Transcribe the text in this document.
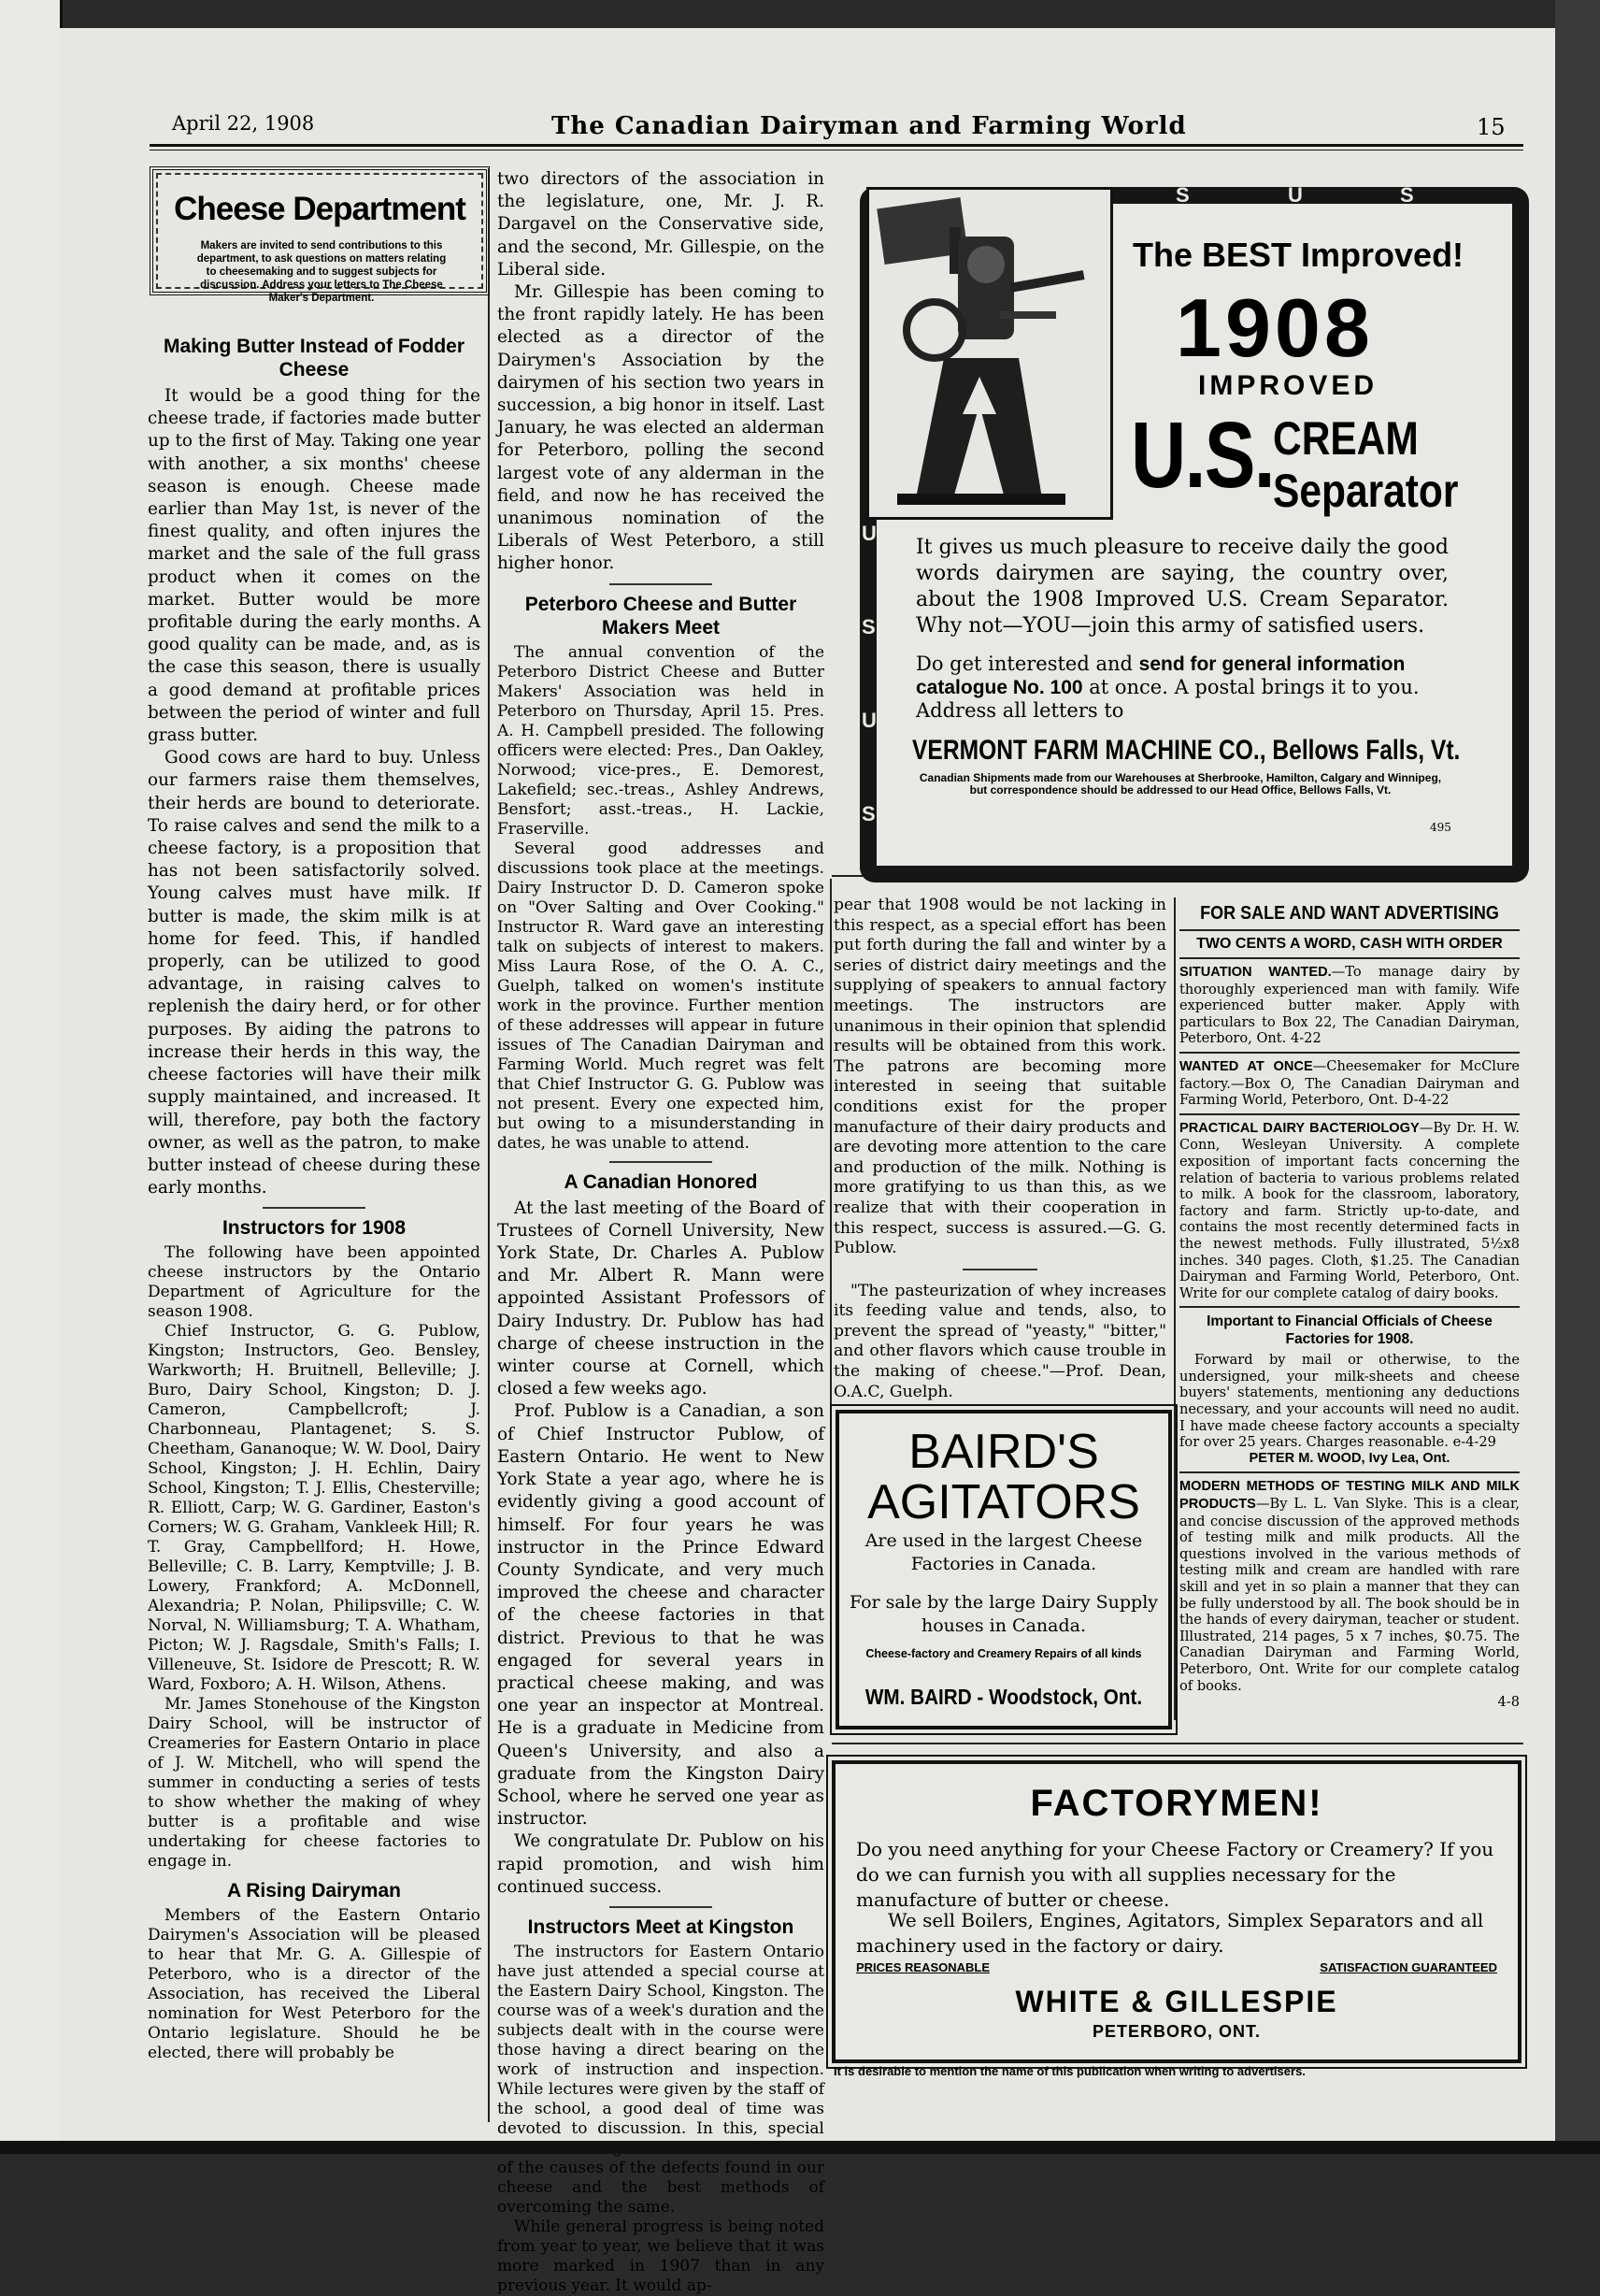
April 22, 1908	The Canadian Dairyman and Farming World	15
Cheese Department
Makers are invited to send contributions to this department, to ask questions on matters relating to cheesemaking and to suggest subjects for discussion. Address your letters to The Cheese Maker's Department.
Making Butter Instead of Fodder Cheese

It would be a good thing for the cheese trade, if factories made butter up to the first of May. Taking one year with another, a six months' cheese season is enough. Cheese made earlier than May 1st, is never of the finest quality, and often injures the market and the sale of the full grass product when it comes on the market. Butter would be more profitable during the early months. A good quality can be made, and, as is the case this season, there is usually a good demand at profitable prices between the period of winter and full grass butter.

Good cows are hard to buy. Unless our farmers raise them themselves, their herds are bound to deteriorate. To raise calves and send the milk to a cheese factory, is a proposition that has not been satisfactorily solved. Young calves must have milk. If butter is made, the skim milk is at home for feed. This, if handled properly, can be utilized to good advantage, in raising calves to replenish the dairy herd, or for other purposes. By aiding the patrons to increase their herds in this way, the cheese factories will have their milk supply maintained, and increased. It will, therefore, pay both the factory owner, as well as the patron, to make butter instead of cheese during these early months.

Instructors for 1908

The following have been appointed cheese instructors by the Ontario Department of Agriculture for the season 1908.

Chief Instructor, G. G. Publow, Kingston; Instructors, Geo. Bensley, Warkworth; H. Bruitnell, Belleville; J. Buro, Dairy School, Kingston; D. J. Cameron, Campbellcroft; J. Charbonneau, Plantagenet; S. S. Cheetham, Gananoque; W. W. Dool, Dairy School, Kingston; J. H. Echlin, Dairy School, Kingston; T. J. Ellis, Chesterville; R. Elliott, Carp; W. G. Gardiner, Easton's Corners; W. G. Graham, Vankleek Hill; R. T. Gray, Campbellford; H. Howe, Belleville; C. B. Larry, Kemptville; J. B. Lowery, Frankford; A. McDonnell, Alexandria; P. Nolan, Philipsville; C. W. Norval, N. Williamsburg; T. A. Whatham, Picton; W. J. Ragsdale, Smith's Falls; I. Villeneuve, St. Isidore de Prescott; R. W. Ward, Foxboro; A. H. Wilson, Athens.

Mr. James Stonehouse of the Kingston Dairy School, will be instructor of Creameries for Eastern Ontario in place of J. W. Mitchell, who will spend the summer in conducting a series of tests to show whether the making of whey butter is a profitable and wise undertaking for cheese factories to engage in.

A Rising Dairyman

Members of the Eastern Ontario Dairymen's Association will be pleased to hear that Mr. G. A. Gillespie of Peterboro, who is a director of the Association, has received the Liberal nomination for West Peterboro for the Ontario legislature. Should he be elected, there will probably be

two directors of the association in the legislature, one, Mr. J. R. Dargavel on the Conservative side, and the second, Mr. Gillespie, on the Liberal side.

Mr. Gillespie has been coming to the front rapidly lately. He has been elected as a director of the Dairymen's Association by the dairymen of his section two years in succession, a big honor in itself. Last January, he was elected an alderman for Peterboro, polling the second largest vote of any alderman in the field, and now he has received the unanimous nomination of the Liberals of West Peterboro, a still higher honor.

Peterboro Cheese and Butter Makers Meet

The annual convention of the Peterboro District Cheese and Butter Makers' Association was held in Peterboro on Thursday, April 15. Pres. A. H. Campbell presided. The following officers were elected: Pres., Dan Oakley, Norwood; vice-pres., E. Demorest, Lakefield; sec.-treas., Ashley Andrews, Bensfort; asst.-treas., H. Lackie, Fraserville.

Several good addresses and discussions took place at the meetings. Dairy Instructor D. D. Cameron spoke on "Over Salting and Over Cooking." Instructor R. Ward gave an interesting talk on subjects of interest to makers. Miss Laura Rose, of the O. A. C., Guelph, talked on women's institute work in the province. Further mention of these addresses will appear in future issues of The Canadian Dairyman and Farming World. Much regret was felt that Chief Instructor G. G. Publow was not present. Every one expected him, but owing to a misunderstanding in dates, he was unable to attend.

A Canadian Honored

At the last meeting of the Board of Trustees of Cornell University, New York State, Dr. Charles A. Publow and Mr. Albert R. Mann were appointed Assistant Professors of Dairy Industry. Dr. Publow has had charge of cheese instruction in the winter course at Cornell, which closed a few weeks ago.

Prof. Publow is a Canadian, a son of Chief Instructor Publow, of Eastern Ontario. He went to New York State a year ago, where he is evidently giving a good account of himself. For four years he was instructor in the Prince Edward County Syndicate, and very much improved the cheese and character of the cheese factories in that district. Previous to that he was engaged for several years in practical cheese making, and was one year an inspector at Montreal. He is a graduate in Medicine from Queen's University, and also a graduate from the Kingston Dairy School, where he served one year as instructor.

We congratulate Dr. Publow on his rapid promotion, and wish him continued success.

Instructors Meet at Kingston

The instructors for Eastern Ontario have just attended a special course at the Eastern Dairy School, Kingston. The course was of a week's duration and the subjects dealt with in the course were those having a direct bearing on the work of instruction and inspection. While lectures were given by the staff of the school, a good deal of time was devoted to discussion. In this, special of the causes of the defects found in our cheese and the best methods of overcoming the same.

While general progress is being noted from year to year, we believe that it was more marked in 1907 than in any previous year. It would ap-

S	U	S
U
S
U
S
U
S
U
S	U	S	U
S
U
S
U
The BEST Improved!
1908
IMPROVED
U.S. CREAM
Separator
It gives us much pleasure to receive daily the good words dairymen are saying, the country over, about the 1908 Improved U.S. Cream Separator. Why not—YOU—join this army of satisfied users.
Do get interested and send for general information catalogue No. 100 at once. A postal brings it to you. Address all letters to
VERMONT FARM MACHINE CO., Bellows Falls, Vt.
Canadian Shipments made from our Warehouses at Sherbrooke, Hamilton, Calgary and Winnipeg, but correspondence should be addressed to our Head Office, Bellows Falls, Vt.
495

pear that 1908 would be not lacking in this respect, as a special effort has been put forth during the fall and winter by a series of district dairy meetings and the supplying of speakers to annual factory meetings. The instructors are unanimous in their opinion that splendid results will be obtained from this work. The patrons are becoming more interested in seeing that suitable conditions exist for the proper manufacture of their dairy products and are devoting more attention to the care and production of the milk. Nothing is more gratifying to us than this, as we realize that with their cooperation in this respect, success is assured.—G. G. Publow.

"The pasteurization of whey increases its feeding value and tends, also, to prevent the spread of "yeasty," "bitter," and other flavors which cause trouble in the making of cheese."—Prof. Dean, O.A.C, Guelph.

BAIRD'S
AGITATORS
Are used in the largest Cheese Factories in Canada.
For sale by the large Dairy Supply houses in Canada.
Cheese-factory and Creamery Repairs of all kinds
WM. BAIRD - Woodstock, Ont.
FOR SALE AND WANT ADVERTISING
TWO CENTS A WORD, CASH WITH ORDER

SITUATION WANTED.—To manage dairy by thoroughly experienced man with family. Wife experienced butter maker. Apply with particulars to Box 22, The Canadian Dairyman, Peterboro, Ont. 4-22

WANTED AT ONCE—Cheesemaker for McClure factory.—Box O, The Canadian Dairyman and Farming World, Peterboro, Ont. D-4-22

PRACTICAL DAIRY BACTERIOLOGY—By Dr. H. W. Conn, Wesleyan University. A complete exposition of important facts concerning the relation of bacteria to various problems related to milk. A book for the classroom, laboratory, factory and farm. Strictly up-to-date, and contains the most recently determined facts in the newest methods. Fully illustrated, 5½x8 inches. 340 pages. Cloth, $1.25. The Canadian Dairyman and Farming World, Peterboro, Ont. Write for our complete catalog of dairy books.

Important to Financial Officials of Cheese Factories for 1908.

Forward by mail or otherwise, to the undersigned, your milk-sheets and cheese buyers' statements, mentioning any deductions necessary, and your accounts will need no audit. I have made cheese factory accounts a specialty for over 25 years. Charges reasonable. e-4-29

PETER M. WOOD, Ivy Lea, Ont.

MODERN METHODS OF TESTING MILK AND MILK PRODUCTS—By L. L. Van Slyke. This is a clear, and concise discussion of the approved methods of testing milk and milk products. All the questions involved in the various methods of testing milk and cream are handled with rare skill and yet in so plain a manner that they can be fully understood by all. The book should be in the hands of every dairyman, teacher or student. Illustrated, 214 pages, 5 x 7 inches, $0.75. The Canadian Dairyman and Farming World, Peterboro, Ont. Write for our complete catalog of books.

4-8

FACTORYMEN!
Do you need anything for your Cheese Factory or Creamery? If you do we can furnish you with all supplies necessary for the manufacture of butter or cheese.
We sell Boilers, Engines, Agitators, Simplex Separators and all machinery used in the factory or dairy.
PRICES REASONABLE	SATISFACTION GUARANTEED
WHITE & GILLESPIE
PETERBORO, ONT.
It is desirable to mention the name of this publication when writing to advertisers.
